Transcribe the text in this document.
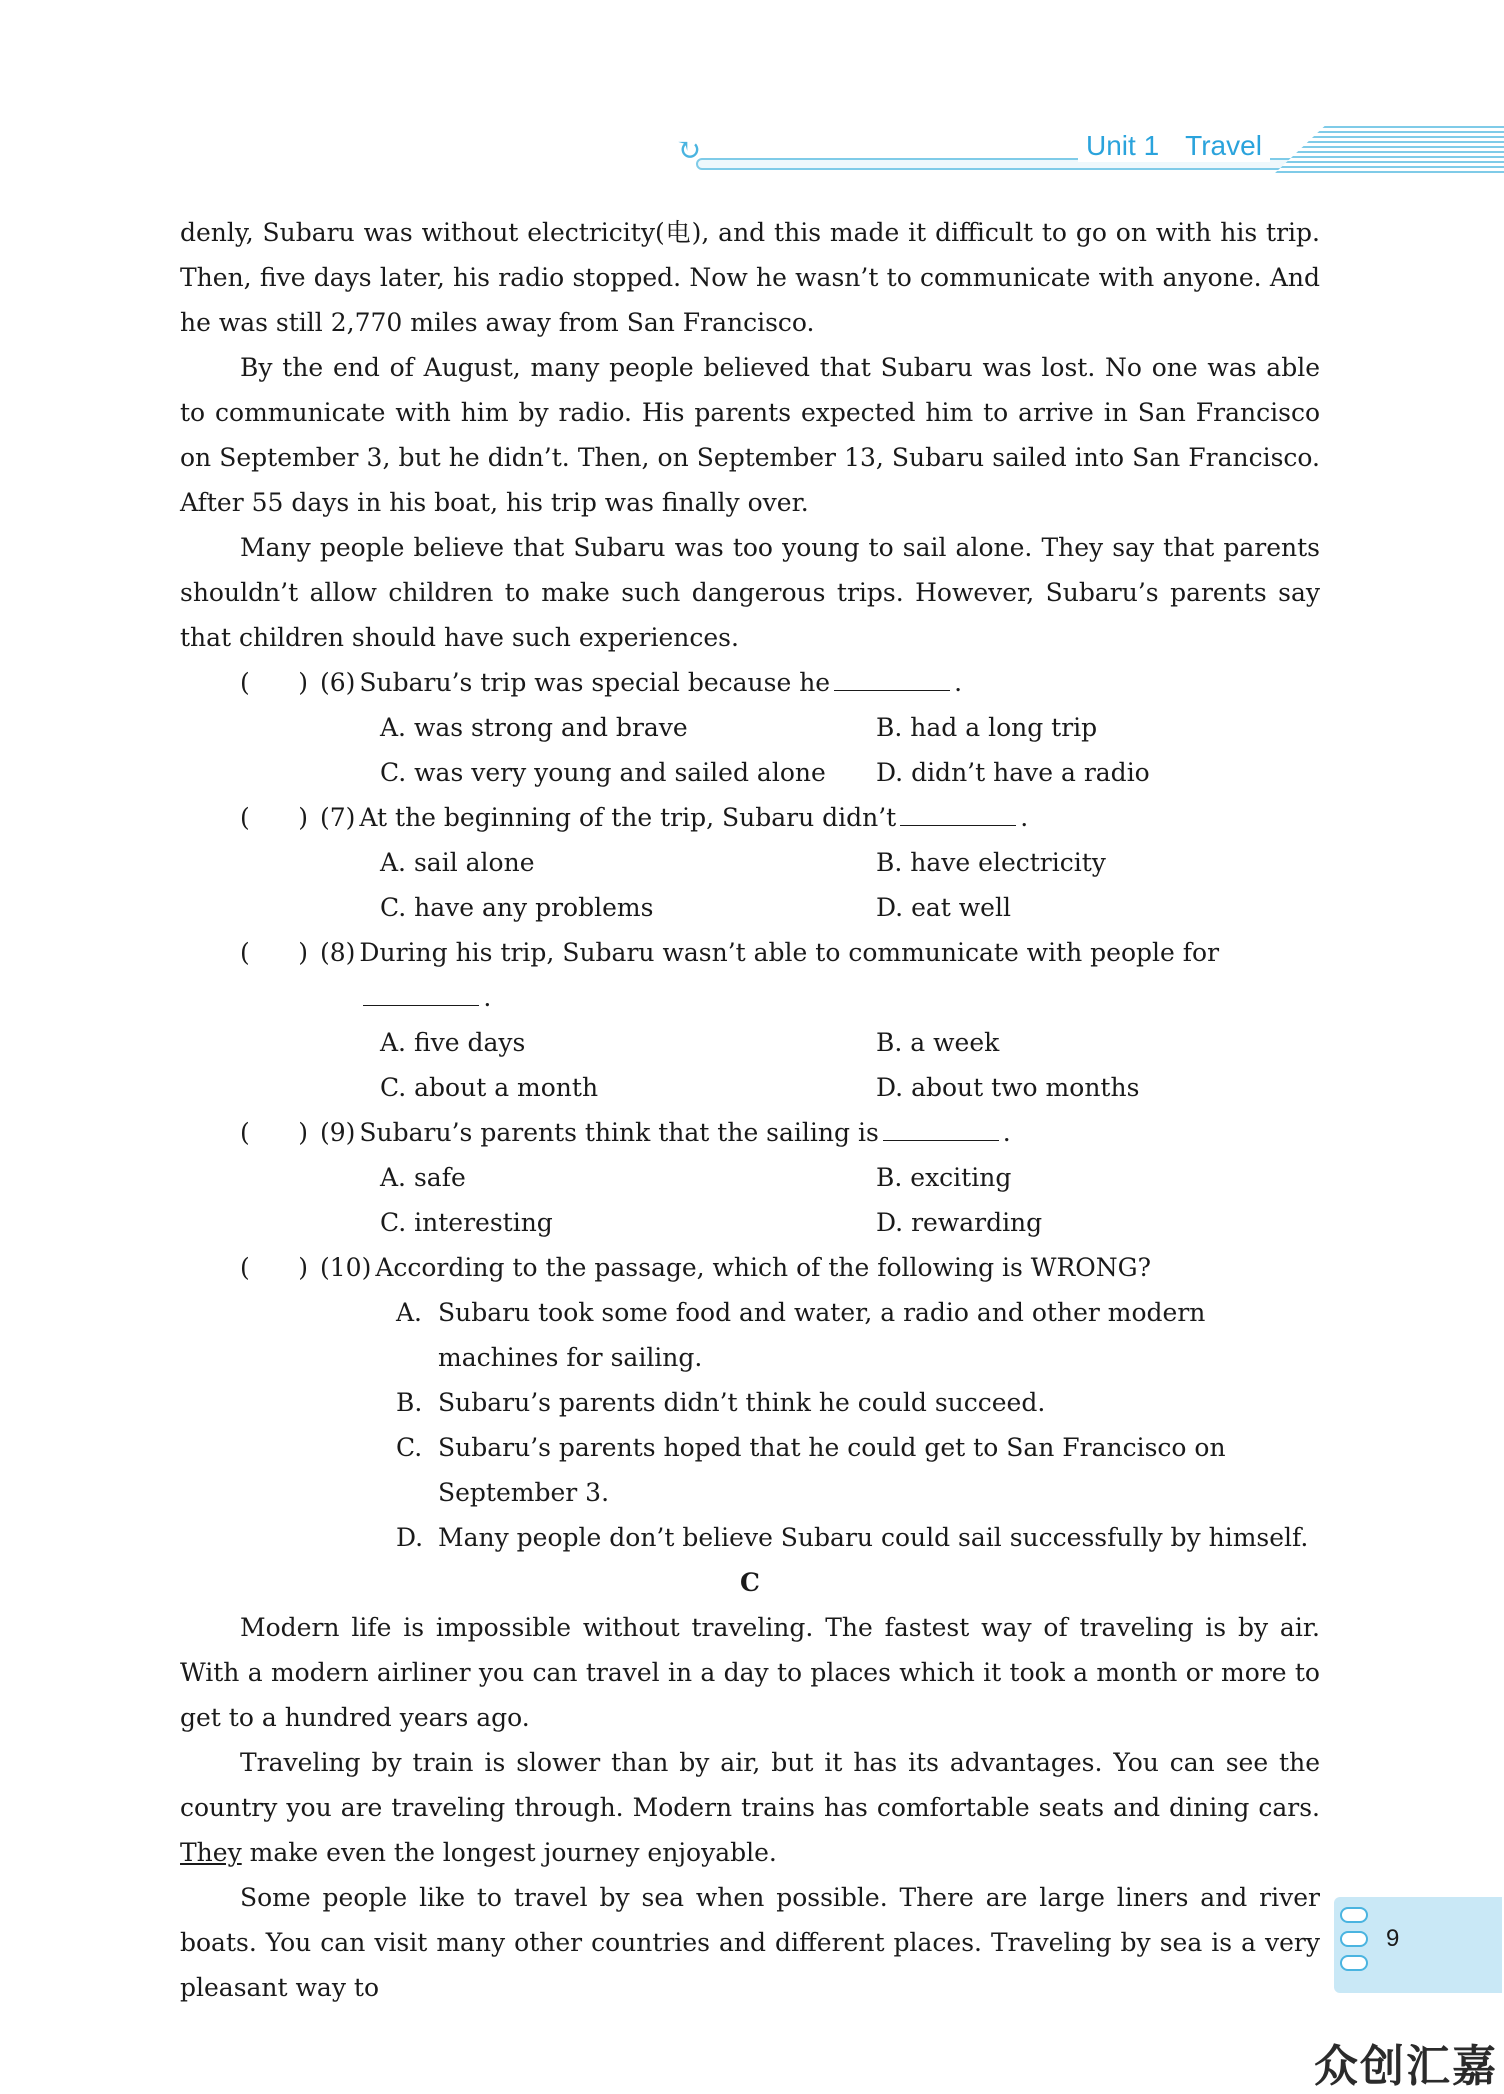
↻	Unit 1 Travel

denly, Subaru was without electricity(电), and this made it difficult to go on with his trip. Then, five days later, his radio stopped. Now he wasn’t to communicate with anyone. And he was still 2,770 miles away from San Francisco.

By the end of August, many people believed that Subaru was lost. No one was able to communicate with him by radio. His parents expected him to arrive in San Francisco on September 3, but he didn’t. Then, on September 13, Subaru sailed into San Francisco. After 55 days in his boat, his trip was finally over.

Many people believe that Subaru was too young to sail alone. They say that parents shouldn’t allow children to make such dangerous trips. However, Subaru’s parents say that children should have such experiences.

( ) (6) Subaru’s trip was special because he	.
A. was strong and brave	B. had a long trip
C. was very young and sailed alone	D. didn’t have a radio
( ) (7) At the beginning of the trip, Subaru didn’t	.
A. sail alone	B. have electricity
C. have any problems	D. eat well
( ) (8) During his trip, Subaru wasn’t able to communicate with people for.
A. five days	B. a week
C. about a month	D. about two months
( ) (9) Subaru’s parents think that the sailing is	.
A. safe	B. exciting
C. interesting	D. rewarding
( ) (10) According to the passage, which of the following is WRONG?
A. Subaru took some food and water, a radio and other modern machines for sailing.
B. Subaru’s parents didn’t think he could succeed.
C. Subaru’s parents hoped that he could get to San Francisco on September 3.
D. Many people don’t believe Subaru could sail successfully by himself.

C

Modern life is impossible without traveling. The fastest way of traveling is by air. With a modern airliner you can travel in a day to places which it took a month or more to get to a hundred years ago.

Traveling by train is slower than by air, but it has its advantages. You can see the country you are traveling through. Modern trains has comfortable seats and dining cars. They make even the longest journey enjoyable.

Some people like to travel by sea when possible. There are large liners and river boats. You can visit many other countries and different places. Traveling by sea is a very pleasant way to

9
众创汇嘉
